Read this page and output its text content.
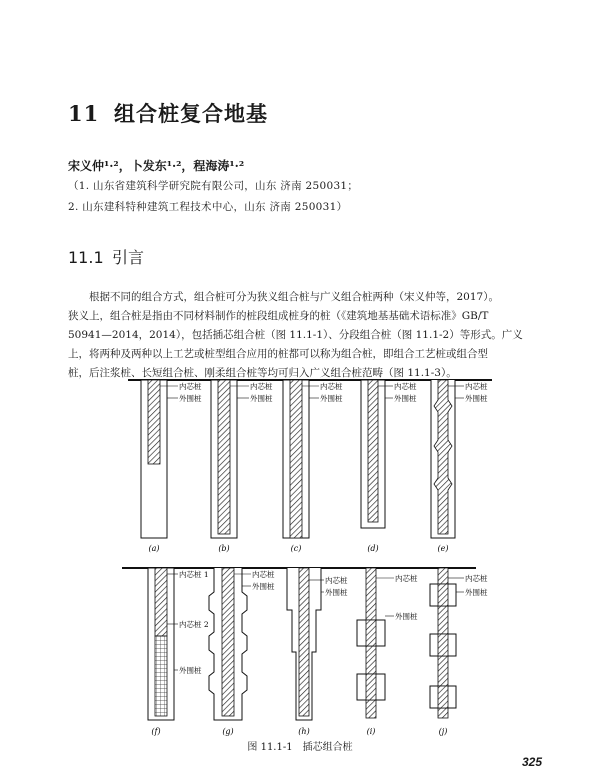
11 组合桩复合地基
宋义仲¹·²，卜发东¹·²，程海涛¹·²
（1. 山东省建筑科学研究院有限公司，山东 济南 250031；
2. 山东建科特种建筑工程技术中心，山东 济南 250031）
11.1 引言
根据不同的组合方式，组合桩可分为狭义组合桩与广义组合桩两种（宋义仲等，2017）。
狭义上，组合桩是指由不同材料制作的桩段组成桩身的桩（《建筑地基基础术语标准》GB/T
50941—2014，2014），包括插芯组合桩（图 11.1-1）、分段组合桩（图 11.1-2）等形式。广义
上，将两种及两种以上工艺或桩型组合应用的桩都可以称为组合桩，即组合工艺桩或组合型
桩，后注浆桩、长短组合桩、刚柔组合桩等均可归入广义组合桩范畴（图 11.1-3）。
内芯桩
外围桩
内芯桩
外围桩
内芯桩
外围桩
内芯桩
外围桩
内芯桩
外围桩
(a)	(b)	(c)	(d)	(e)
内芯桩 1
内芯桩 2
外围桩
内芯桩
外围桩
内芯桩
外围桩
内芯桩
外围桩
内芯桩
外围桩
(f)	(g)	(h)	(i)	(j)
图 11.1-1　插芯组合桩
325
